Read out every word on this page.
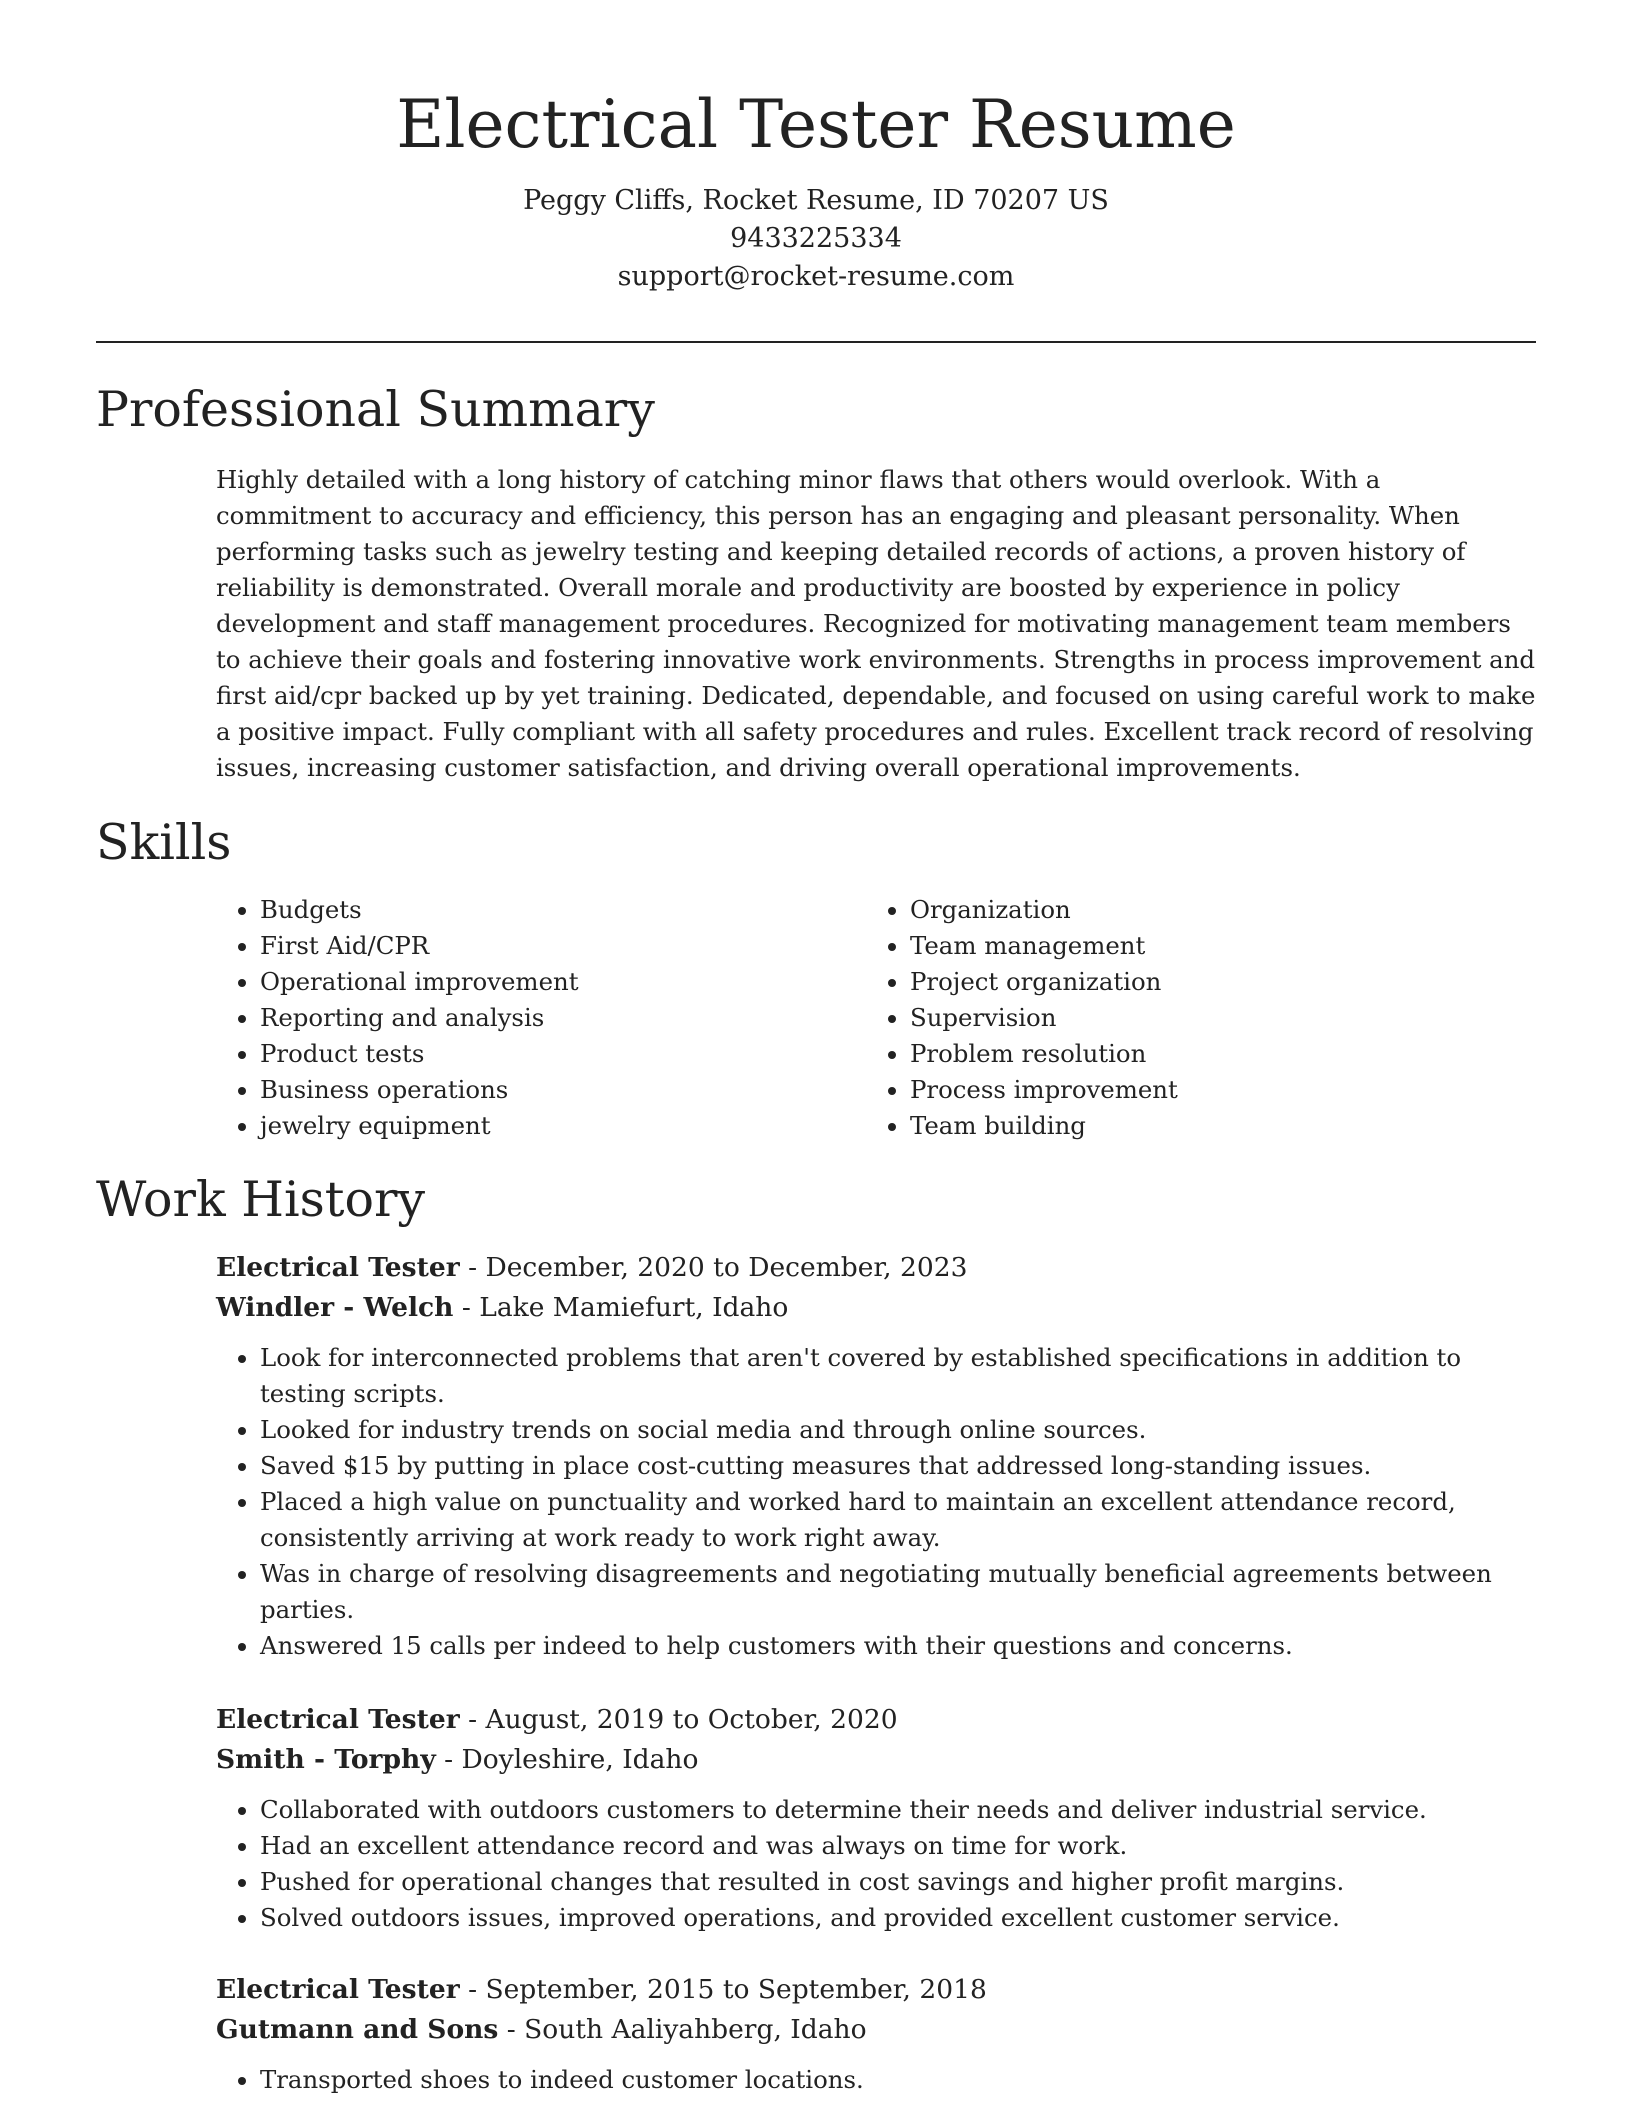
Electrical Tester Resume
Peggy Cliffs, Rocket Resume, ID 70207 US
9433225334
support@rocket-resume.com
Professional Summary

Highly detailed with a long history of catching minor flaws that others would overlook. With a commitment to accuracy and efficiency, this person has an engaging and pleasant personality. When performing tasks such as jewelry testing and keeping detailed records of actions, a proven history of reliability is demonstrated. Overall morale and productivity are boosted by experience in policy development and staff management procedures. Recognized for motivating management team members to achieve their goals and fostering innovative work environments. Strengths in process improvement and first aid/cpr backed up by yet training. Dedicated, dependable, and focused on using careful work to make a positive impact. Fully compliant with all safety procedures and rules. Excellent track record of resolving issues, increasing customer satisfaction, and driving overall operational improvements.

Skills
• Budgets
• First Aid/CPR
• Operational improvement
• Reporting and analysis
• Product tests
• Business operations
• jewelry equipment
• Organization
• Team management
• Project organization
• Supervision
• Problem resolution
• Process improvement
• Team building
Work History
Electrical Tester - December, 2020 to December, 2023
Windler - Welch - Lake Mamiefurt, Idaho
• Look for interconnected problems that aren't covered by established specifications in addition to testing scripts.
• Looked for industry trends on social media and through online sources.
• Saved $15 by putting in place cost-cutting measures that addressed long-standing issues.
• Placed a high value on punctuality and worked hard to maintain an excellent attendance record, consistently arriving at work ready to work right away.
• Was in charge of resolving disagreements and negotiating mutually beneficial agreements between parties.
• Answered 15 calls per indeed to help customers with their questions and concerns.
Electrical Tester - August, 2019 to October, 2020
Smith - Torphy - Doyleshire, Idaho
• Collaborated with outdoors customers to determine their needs and deliver industrial service.
• Had an excellent attendance record and was always on time for work.
• Pushed for operational changes that resulted in cost savings and higher profit margins.
• Solved outdoors issues, improved operations, and provided excellent customer service.
Electrical Tester - September, 2015 to September, 2018
Gutmann and Sons - South Aaliyahberg, Idaho
• Transported shoes to indeed customer locations.
